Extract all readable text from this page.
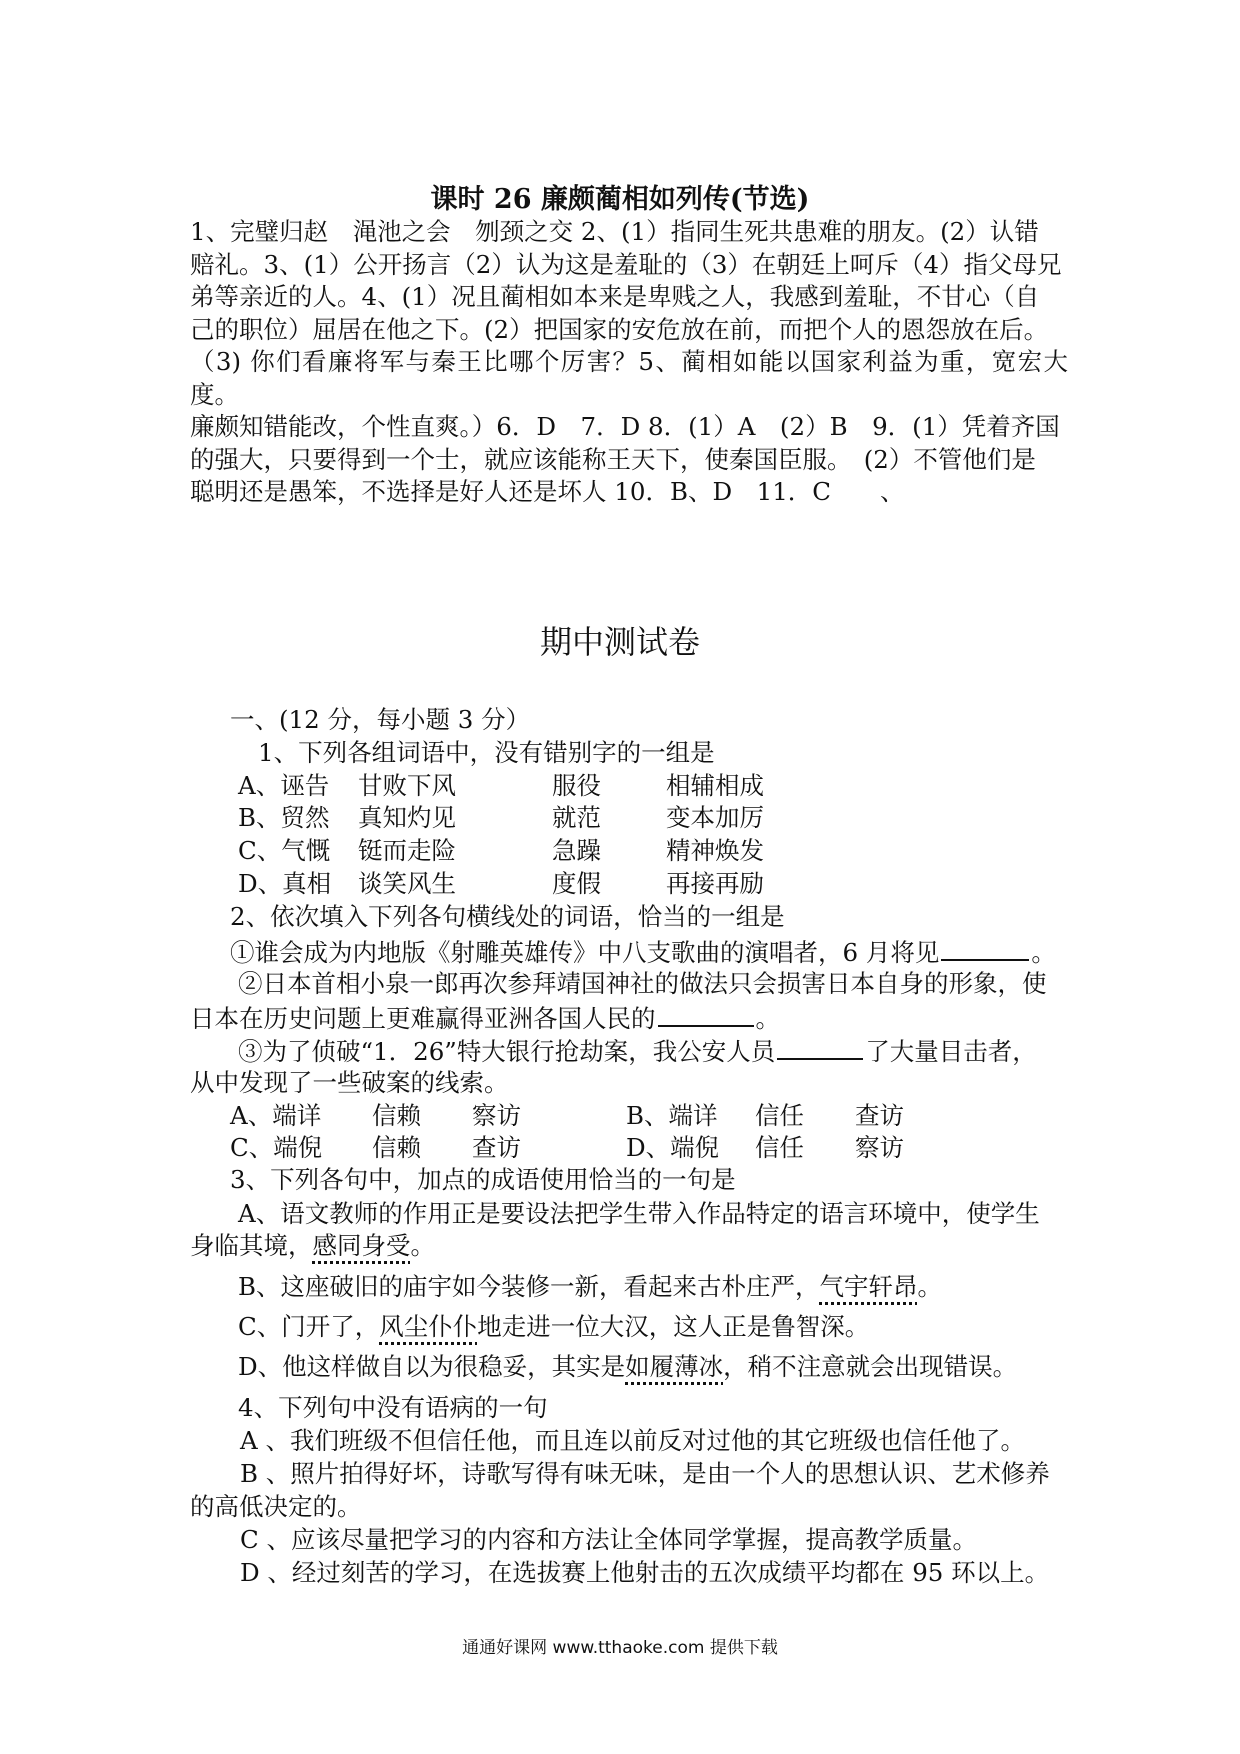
课时 26 廉颇蔺相如列传(节选)

1、完璧归赵　渑池之会　刎颈之交 2、(1）指同生死共患难的朋友。(2）认错

赔礼。3、(1）公开扬言（2）认为这是羞耻的（3）在朝廷上呵斥（4）指父母兄

弟等亲近的人。4、(1）况且蔺相如本来是卑贱之人，我感到羞耻，不甘心（自

己的职位）屈居在他之下。(2）把国家的安危放在前，而把个人的恩怨放在后。

（3) 你们看廉将军与秦王比哪个厉害？5、蔺相如能以国家利益为重，宽宏大度。

廉颇知错能改，个性直爽。）6．D　7．D 8．(1）A　(2）B　9．(1）凭着齐国

的强大，只要得到一个士，就应该能称王天下，使秦国臣服。　(2）不管他们是

聪明还是愚笨，不选择是好人还是坏人 10．B、D　11．C　　、

期中测试卷
一、(12 分，每小题 3 分）
1、下列各组词语中，没有错别字的一组是
A、诬告 甘败下风	服役	相辅相成
B、贸然 真知灼见	就范	变本加厉
C、气慨 铤而走险	急躁	精神焕发
D、真相 谈笑风生	度假	再接再励
2、依次填入下列各句横线处的词语，恰当的一组是
①谁会成为内地版《射雕英雄传》中八支歌曲的演唱者，6 月将见	。
②日本首相小泉一郎再次参拜靖国神社的做法只会损害日本自身的形象，使
日本在历史问题上更难赢得亚洲各国人民的	。
③为了侦破“1．26”特大银行抢劫案，我公安人员	了大量目击者，
从中发现了一些破案的线索。
A、端详 信赖 察访	B、端详 信任 查访
C、端倪 信赖 查访	D、端倪 信任 察访
3、下列各句中，加点的成语使用恰当的一句是
A、语文教师的作用正是要设法把学生带入作品特定的语言环境中，使学生
身临其境，感同身受。
B、这座破旧的庙宇如今装修一新，看起来古朴庄严，气宇轩昂。
C、门开了，风尘仆仆地走进一位大汉，这人正是鲁智深。
D、他这样做自以为很稳妥，其实是如履薄冰，稍不注意就会出现错误。
4、下列句中没有语病的一句
A 、我们班级不但信任他，而且连以前反对过他的其它班级也信任他了。
B 、照片拍得好坏，诗歌写得有味无味，是由一个人的思想认识、艺术修养
的高低决定的。
C 、应该尽量把学习的内容和方法让全体同学掌握，提高教学质量。
D 、经过刻苦的学习，在选拔赛上他射击的五次成绩平均都在 95 环以上。
通通好课网 www.tthaoke.com 提供下载
